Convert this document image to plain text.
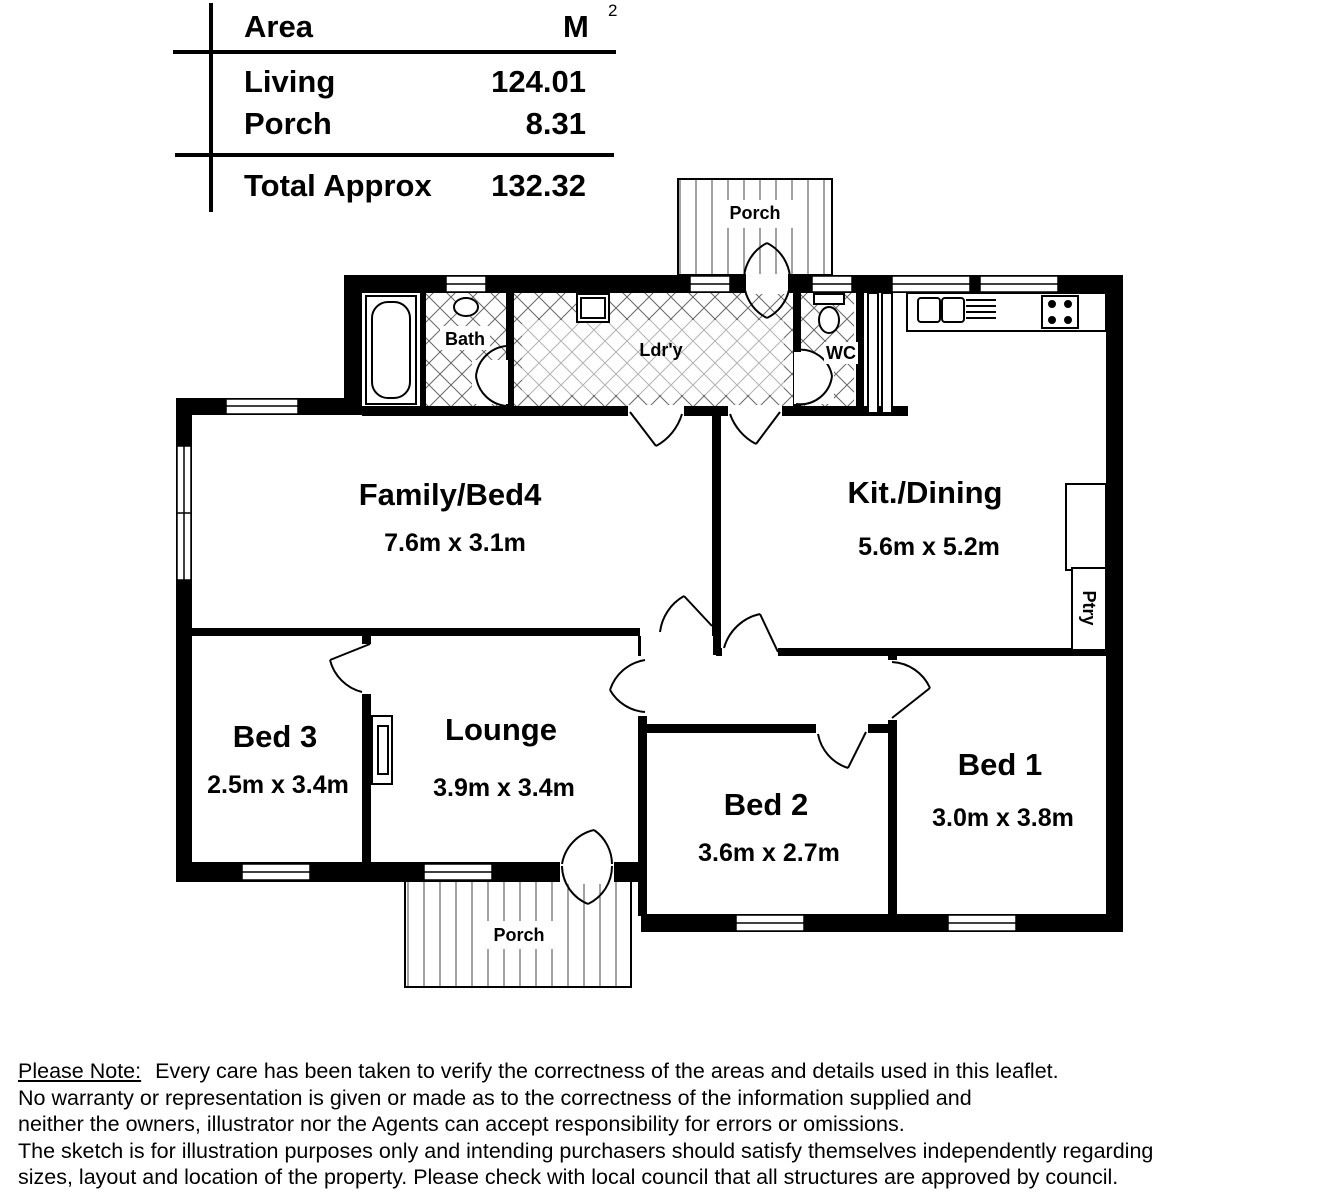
Area	M 2
Living	124.01
Porch	8.31
Total Approx 132.32
Porch
Porch
Bath
Ldr'y	WC
Ptry
Family/Bed4
7.6m x 3.1m
Kit./Dining
5.6m x 5.2m
Bed 3
2.5m x 3.4m
Lounge
3.9m x 3.4m	Bed 2
3.6m x 2.7m
Bed 1
3.0m x 3.8m

Please Note: Every care has been taken to verify the correctness of the areas and details used in this leaflet.

No warranty or representation is given or made as to the correctness of the information supplied and

neither the owners, illustrator nor the Agents can accept responsibility for errors or omissions.

The sketch is for illustration purposes only and intending purchasers should satisfy themselves independently regarding

sizes, layout and location of the property. Please check with local council that all structures are approved by council.
